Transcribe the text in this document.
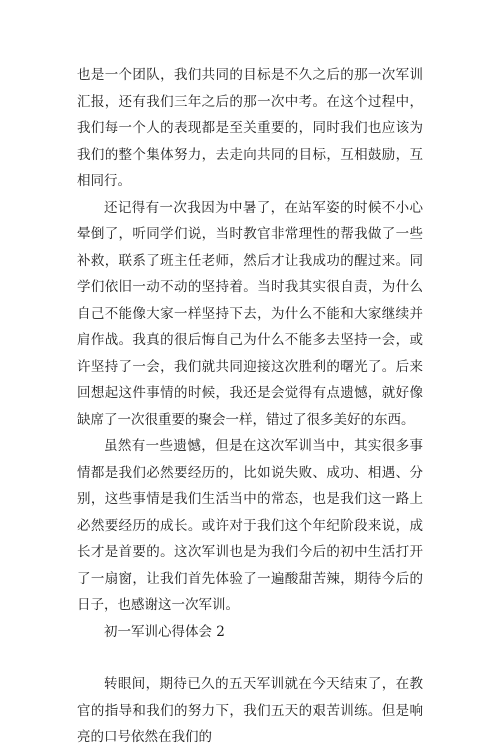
也是一个团队，我们共同的目标是不久之后的那一次军训汇报，还有我们三年之后的那一次中考。在这个过程中，我们每一个人的表现都是至关重要的，同时我们也应该为我们的整个集体努力，去走向共同的目标，互相鼓励，互相同行。

还记得有一次我因为中暑了，在站军姿的时候不小心晕倒了，听同学们说，当时教官非常理性的帮我做了一些补救，联系了班主任老师，然后才让我成功的醒过来。同学们依旧一动不动的坚持着。当时我其实很自责，为什么自己不能像大家一样坚持下去，为什么不能和大家继续并肩作战。我真的很后悔自己为什么不能多去坚持一会，或许坚持了一会，我们就共同迎接这次胜利的曙光了。后来回想起这件事情的时候，我还是会觉得有点遗憾，就好像缺席了一次很重要的聚会一样，错过了很多美好的东西。

虽然有一些遗憾，但是在这次军训当中，其实很多事情都是我们必然要经历的，比如说失败、成功、相遇、分别，这些事情是我们生活当中的常态，也是我们这一路上必然要经历的成长。或许对于我们这个年纪阶段来说，成长才是首要的。这次军训也是为我们今后的初中生活打开了一扇窗，让我们首先体验了一遍酸甜苦辣，期待今后的日子，也感谢这一次军训。

初一军训心得体会 2

转眼间，期待已久的五天军训就在今天结束了，在教官的指导和我们的努力下，我们五天的艰苦训练。但是响亮的口号依然在我们的
